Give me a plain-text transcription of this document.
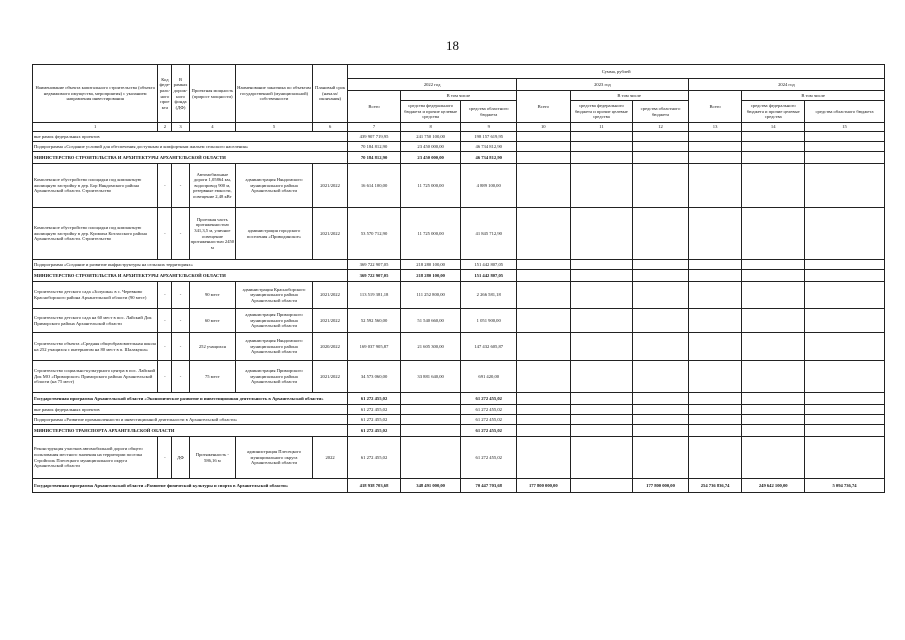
18
Наименование объекта капитального строительства (объекта недвижимого имущества, мероприятия) с указанием направления инвестирования	Код феде-раль-ного проекта	В рамках дорож-ного фонда (ДФ)	Проектная мощность (прирост мощности)	Наименование заказчика по объектам государственной (муниципальной) собственности	Плановый срок (начала/окончания)	Сумма, рублей								
						2022 год			2023 год			2024 год		
						Всего	В том числе		Всего	В том числе		Всего	В том числе	
							средства федерального бюджета и прочие целевые средства	средства областного бюджета		средства федерального бюджета и прочие целевые средства	средства областного бюджета		средства федерального бюджета и прочие целевые средства	средства областного бюджета
1	2	3	4	5	6	7	8	9	10	11	12	13	14	15
вне рамок федеральных проектов						439 907 719,95	241 750 100,00	198 157 619,95						
Подпрограмма «Создание условий для обеспечения доступным и комфортным жильем сельского населения»						70 184 812,90	23 450 000,00	46 734 812,90						
МИНИСТЕРСТВО СТРОИТЕЛЬСТВА И АРХИТЕКТУРЫ АРХАНГЕЛЬСКОЙ ОБЛАСТИ						70 184 812,90	23 450 000,00	46 734 812,90						
Комплексное обустройство площадки под компактную жилищную застройку в дер. Бор Няндомского района Архангельской области. Строительство	-	-	Автомобильные дороги 1,05864 км, водопровод 900 м, резервные емкости, освещение 2,48 кВт	администрация Няндомского муниципального района Архангельской области	2021/2022	16 614 100,00	11 725 000,00	4 889 100,00						
Комплексное обустройство площадки под компактную жилищную застройку в дер. Куимиха Котласского района Архангельской области. Строительство	-	-	Проезжая часть протяженностью 341,3,5 м, уличное освещение протяженностью 2450 м	администрация городского поселения «Приводинское»	2021/2022	53 570 712,90	11 725 000,00	41 845 712,90						
Подпрограмма «Создание и развитие инфраструктуры на сельских территориях»						369 722 907,05	218 280 100,00	151 442 807,05						
МИНИСТЕРСТВО СТРОИТЕЛЬСТВА И АРХИТЕКТУРЫ АРХАНГЕЛЬСКОЙ ОБЛАСТИ						369 722 907,05	218 280 100,00	151 442 807,05						
Строительство детского сада «Золушка» в с. Черевково Красноборского района Архангельской области (90 мест)	-	-	90 мест	администрация Красноборского муниципального района Архангельской области	2021/2022	113 519 381,18	111 252 800,00	2 266 581,18						
Строительство детского сада на 60 мест в пос. Лайский Док Приморского района Архангельской области	-	-	60 мест	администрация Приморского муниципального района Архангельской области	2021/2022	52 592 560,00	51 540 660,00	1 051 900,00						
Строительство объекта «Средняя общеобразовательная школа на 252 учащихся с интернатом на 80 мест в п. Шалакуша»	-	-	252 учащихся	администрация Няндомского муниципального района Архангельской области	2020/2022	169 037 905,87	21 605 300,00	147 432 605,87						
Строительство социально-культурного центра в пос. Лайский Док МО «Приморское» Приморского района Архангельской области (на 75 мест)	-	-	75 мест	администрация Приморского муниципального района Архангельской области	2021/2022	34 573 060,00	33 881 640,00	691 420,00						
Государственная программа Архангельской области «Экономическое развитие и инвестиционная деятельность в Архангельской области»						61 272 455,02		61 272 455,02						
вне рамок федеральных проектов						61 272 455,02		61 272 455,02						
Подпрограмма «Развитие промышленности и инвестиционной деятельности в Архангельской области»						61 272 455,02		61 272 455,02						
МИНИСТЕРСТВО ТРАНСПОРТА АРХАНГЕЛЬСКОЙ ОБЛАСТИ						61 272 455,02		61 272 455,02						
Реконструкция участков автомобильной дороги общего пользования местного значения на территории поселка Стройполь Плесецкого муниципального округа Архангельской области	-	ДФ	Протяженность - 586,16 м	администрация Плесецкого муниципального округа Архангельской области	2022	61 272 455,02		61 272 455,02						
Государственная программа Архангельской области «Развитие физической культуры и спорта в Архангельской области»						418 938 703,68	348 491 000,00	70 447 703,68	177 800 000,00		177 800 000,00	254 736 836,74	249 642 100,00	5 094 736,74
